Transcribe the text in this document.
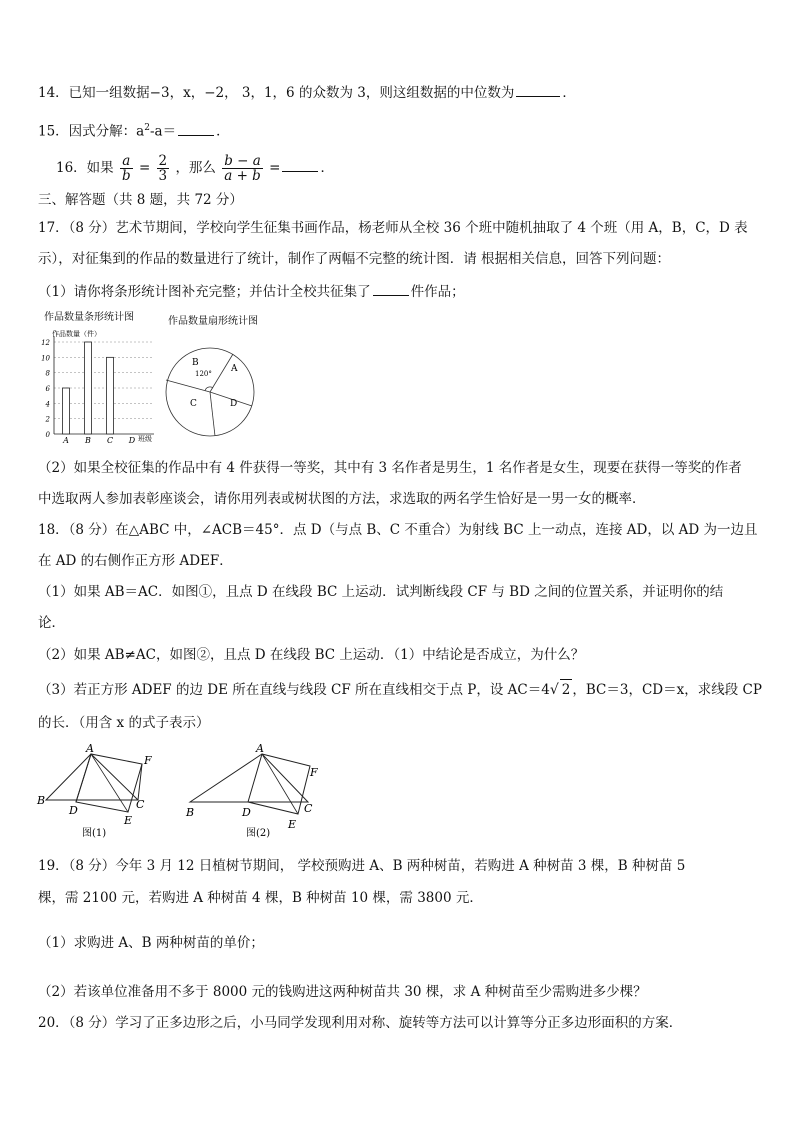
14．已知一组数据−3，x，−2， 3，1，6 的众数为 3，则这组数据的中位数为	．
15．因式分解：$a^2-a=$	．
16．如果 $\frac{a}{b} = \frac{2}{3}$ ，那么 $\frac{b - a}{a + b}$ =	．
三、解答题（共 8 题，共 72 分）
17．（8 分）艺术节期间，学校向学生征集书画作品，杨老师从全校 36 个班中随机抽取了 4 个班（用 A，B，C，D 表
示），对征集到的作品的数量进行了统计，制作了两幅不完整的统计图．请 根据相关信息，回答下列问题：
（1）请你将条形统计图补充完整；并估计全校共征集了	件作品；
作品数量条形统计图
作品数量（件）
0
2
4
6
8
10
12
A B C D 班级
作品数量扇形统计图
B
120° A
C	D
（2）如果全校征集的作品中有 4 件获得一等奖，其中有 3 名作者是男生，1 名作者是女生，现要在获得一等奖的作者
中选取两人参加表彰座谈会，请你用列表或树状图的方法，求选取的两名学生恰好是一男一女的概率．
18．（8 分）在△ABC 中，∠ACB＝45°．点 D（与点 B、C 不重合）为射线 BC 上一动点，连接 AD，以 AD 为一边且
在 AD 的右侧作正方形 ADEF．
（1）如果 AB＝AC．如图①，且点 D 在线段 BC 上运动．试判断线段 CF 与 BD 之间的位置关系，并证明你的结
论．
（2）如果 AB≠AC，如图②，且点 D 在线段 BC 上运动．（1）中结论是否成立，为什么？
（3）若正方形 ADEF 的边 DE 所在直线与线段 CF 所在直线相交于点 P，设 AC＝4√ 2 ，BC＝3，CD＝x，求线段 CP
的长．（用含 x 的式子表示）
A
B	C
D
E
F
图(1)
A
B	C
D
E
F
图(2)
19．（8 分）今年 3 月 12 日植树节期间， 学校预购进 A、B 两种树苗，若购进 A 种树苗 3 棵，B 种树苗 5
棵，需 2100 元，若购进 A 种树苗 4 棵，B 种树苗 10 棵，需 3800 元．
（1）求购进 A、B 两种树苗的单价；
（2）若该单位准备用不多于 8000 元的钱购进这两种树苗共 30 棵，求 A 种树苗至少需购进多少棵？
20．（8 分）学习了正多边形之后，小马同学发现利用对称、旋转等方法可以计算等分正多边形面积的方案．
